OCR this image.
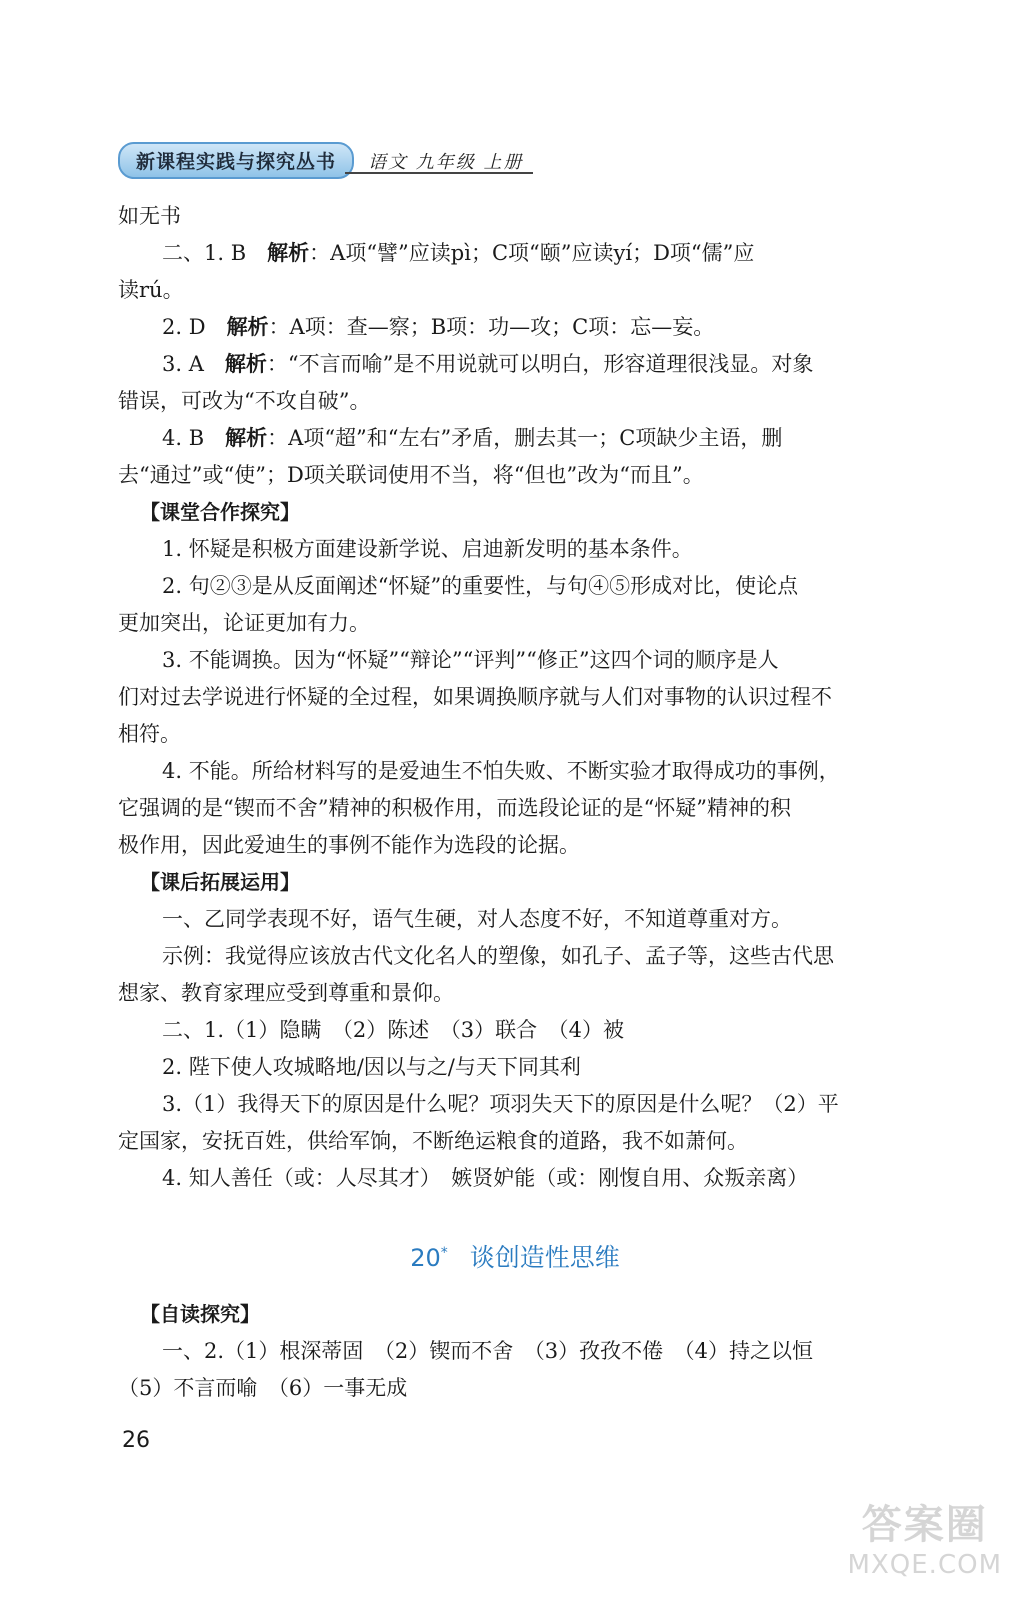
新课程实践与探究丛书	语文 九年级 上册
如无书
二、1. B　 解析：A项“譬”应读pì；C项“颐”应读yí；D项“儒”应
读rú。
2. D　 解析：A项：查—察；B项：功—攻；C项：忘—妄。
3. A　 解析：“不言而喻”是不用说就可以明白，形容道理很浅显。对象
错误，可改为“不攻自破”。
4. B　 解析：A项“超”和“左右”矛盾，删去其一；C项缺少主语，删
去“通过”或“使”；D项关联词使用不当，将“但也”改为“而且”。
【课堂合作探究】
1. 怀疑是积极方面建设新学说、启迪新发明的基本条件。
2. 句②③是从反面阐述“怀疑”的重要性，与句④⑤形成对比，使论点
更加突出，论证更加有力。
3. 不能调换。因为“怀疑”“辩论”“评判”“修正”这四个词的顺序是人
们对过去学说进行怀疑的全过程，如果调换顺序就与人们对事物的认识过程不
相符。
4. 不能。所给材料写的是爱迪生不怕失败、不断实验才取得成功的事例，
它强调的是“锲而不舍”精神的积极作用，而选段论证的是“怀疑”精神的积
极作用，因此爱迪生的事例不能作为选段的论据。
【课后拓展运用】
一、乙同学表现不好，语气生硬，对人态度不好，不知道尊重对方。
示例：我觉得应该放古代文化名人的塑像，如孔子、孟子等，这些古代思
想家、教育家理应受到尊重和景仰。
二、1.（1）隐瞒　（2）陈述　（3）联合　（4）被
2. 陛下使人攻城略地/因以与之/与天下同其利
3.（1）我得天下的原因是什么呢？项羽失天下的原因是什么呢？（2）平
定国家，安抚百姓，供给军饷，不断绝运粮食的道路，我不如萧何。
4. 知人善任（或：人尽其才）　嫉贤妒能（或：刚愎自用、众叛亲离）
20* 谈创造性思维
【自读探究】
一、2.（1）根深蒂固　（2）锲而不舍　（3）孜孜不倦　（4）持之以恒
（5）不言而喻　（6）一事无成
26
答案圈
MXQE.COM
